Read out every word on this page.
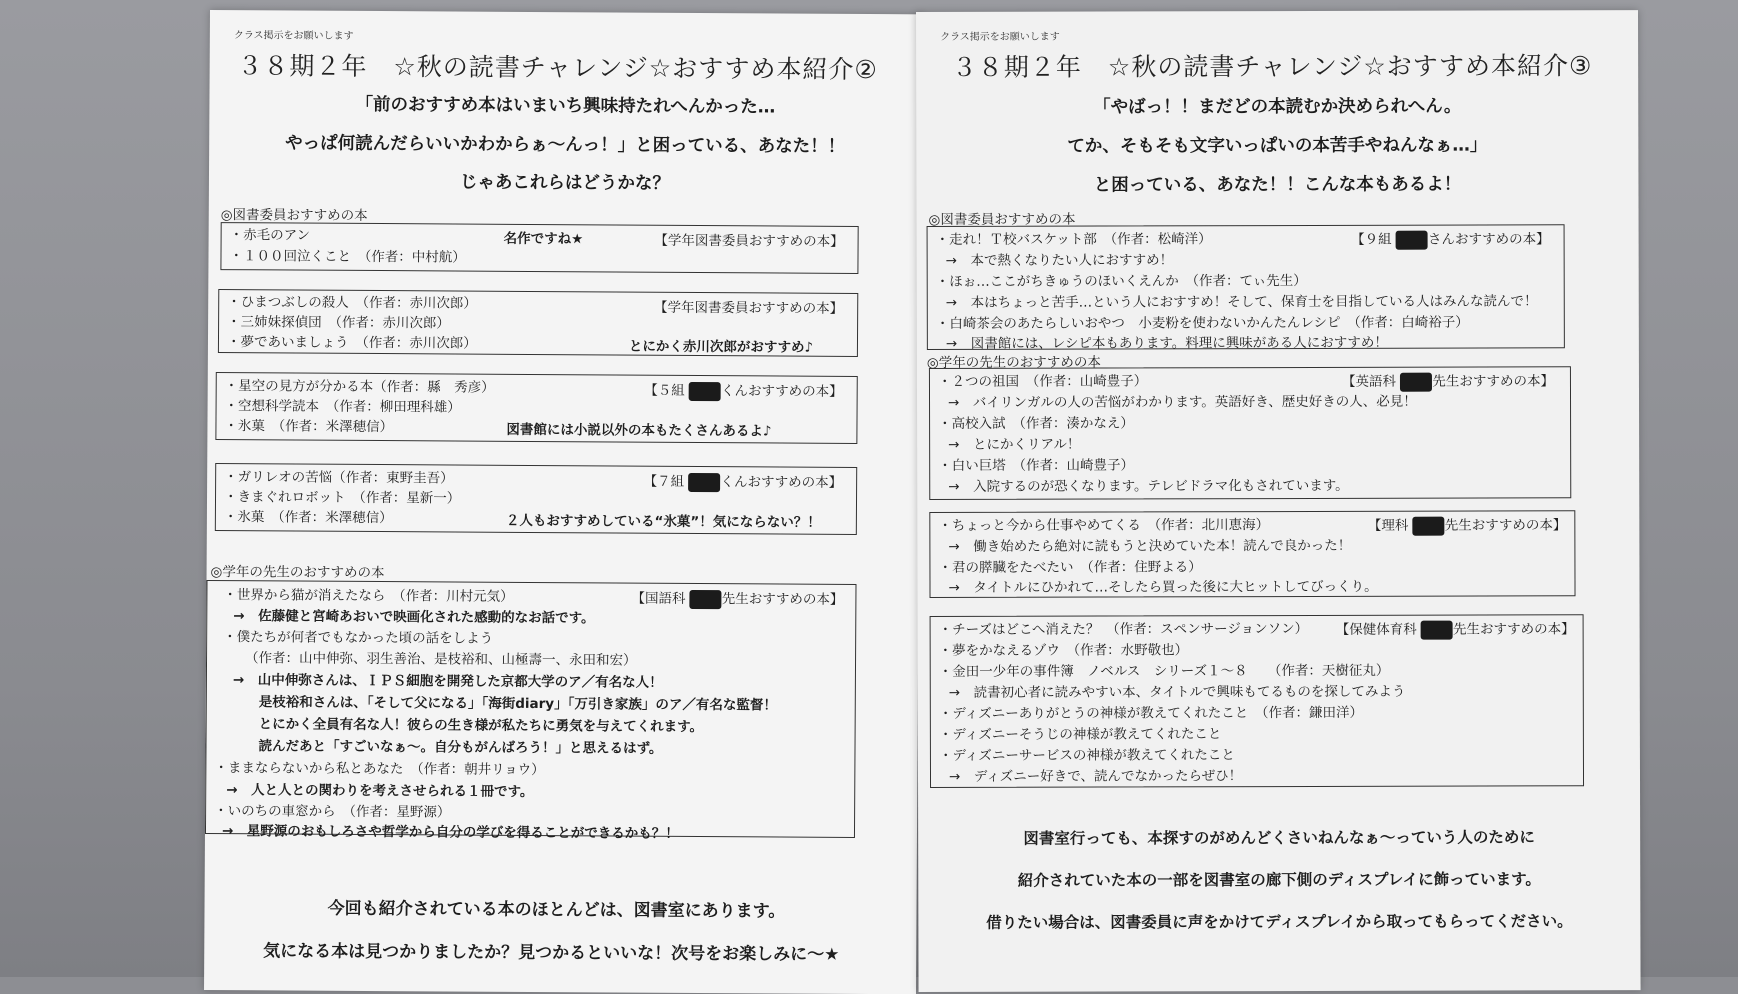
クラス掲示をお願いします
３８期２年　☆秋の読書チャレンジ☆おすすめ本紹介②
「前のおすすめ本はいまいち興味持たれへんかった…
やっぱ何読んだらいいかわからぁ～んっ！」と困っている、あなた！！
じゃあこれらはどうかな？
◎図書委員おすすめの本
・赤毛のアン
・１００回泣くこと　（作者：中村航）
名作ですね★	【学年図書委員おすすめの本】
・ひまつぶしの殺人　（作者：赤川次郎）
・三姉妹探偵団　（作者：赤川次郎）
・夢であいましょう　（作者：赤川次郎）
【学年図書委員おすすめの本】
とにかく赤川次郎がおすすめ♪
・星空の見方が分かる本（作者：縣　秀彦）
・空想科学読本　（作者：柳田理科雄）
・氷菓　（作者：米澤穂信）
【５組	くんおすすめの本】
図書館には小説以外の本もたくさんあるよ♪
・ガリレオの苦悩（作者：東野圭吾）
・きまぐれロボット　（作者：星新一）
・氷菓　（作者：米澤穂信）
【７組	くんおすすめの本】
２人もおすすめしている“氷菓”！気にならない？！
◎学年の先生のおすすめの本
【国語科	先生おすすめの本】
・世界から猫が消えたなら　（作者：川村元気）
→　佐藤健と宮崎あおいで映画化された感動的なお話です。
・僕たちが何者でもなかった頃の話をしよう
（作者：山中伸弥、羽生善治、是枝裕和、山極壽一、永田和宏）
→　山中伸弥さんは、ＩＰＳ細胞を開発した京都大学のア／有名な人！
是枝裕和さんは、「そして父になる」「海街diary」「万引き家族」のア／有名な監督！
とにかく全員有名な人！彼らの生き様が私たちに勇気を与えてくれます。
読んだあと「すごいなぁ～。自分もがんばろう！」と思えるはず。
・ままならないから私とあなた　（作者：朝井リョウ）
→　人と人との関わりを考えさせられる１冊です。
・いのちの車窓から　（作者：星野源）
→　星野源のおもしろさや哲学から自分の学びを得ることができるかも？！
今回も紹介されている本のほとんどは、図書室にあります。
気になる本は見つかりましたか？見つかるといいな！次号をお楽しみに～★
クラス掲示をお願いします
３８期２年　☆秋の読書チャレンジ☆おすすめ本紹介③
「やばっ！！まだどの本読むか決められへん。
てか、そもそも文字いっぱいの本苦手やねんなぁ…」
と困っている、あなた！！こんな本もあるよ！
◎図書委員おすすめの本
【９組	さんおすすめの本】
・走れ！Ｔ校バスケット部　（作者：松崎洋）
→　本で熱くなりたい人におすすめ！
・ほぉ…ここがちきゅうのほいくえんか　（作者：てぃ先生）
→　本はちょっと苦手…という人におすすめ！そして、保育士を目指している人はみんな読んで！
・白崎茶会のあたらしいおやつ　小麦粉を使わないかんたんレシピ　（作者：白崎裕子）
→　図書館には、レシピ本もあります。料理に興味がある人におすすめ！
◎学年の先生のおすすめの本
【英語科	先生おすすめの本】
・２つの祖国　（作者：山崎豊子）
→　バイリンガルの人の苦悩がわかります。英語好き、歴史好きの人、必見！
・高校入試　（作者：湊かなえ）
→　とにかくリアル！
・白い巨塔　（作者：山崎豊子）
→　入院するのが恐くなります。テレビドラマ化もされています。
【理科	先生おすすめの本】
・ちょっと今から仕事やめてくる　（作者：北川恵海）
→　働き始めたら絶対に読もうと決めていた本！読んで良かった！
・君の膵臓をたべたい　（作者：住野よる）
→　タイトルにひかれて…そしたら買った後に大ヒットしてびっくり。
【保健体育科	先生おすすめの本】
・チーズはどこへ消えた？　（作者：スペンサージョンソン）
・夢をかなえるゾウ　（作者：水野敬也）
・金田一少年の事件簿　ノベルス　シリーズ１～８　　（作者：天樹征丸）
→　読書初心者に読みやすい本、タイトルで興味もてるものを探してみよう
・ディズニーありがとうの神様が教えてくれたこと　（作者：鎌田洋）
・ディズニーそうじの神様が教えてくれたこと
・ディズニーサービスの神様が教えてくれたこと
→　ディズニー好きで、読んでなかったらぜひ！
図書室行っても、本探すのがめんどくさいねんなぁ～っていう人のために
紹介されていた本の一部を図書室の廊下側のディスプレイに飾っています。
借りたい場合は、図書委員に声をかけてディスプレイから取ってもらってください。
